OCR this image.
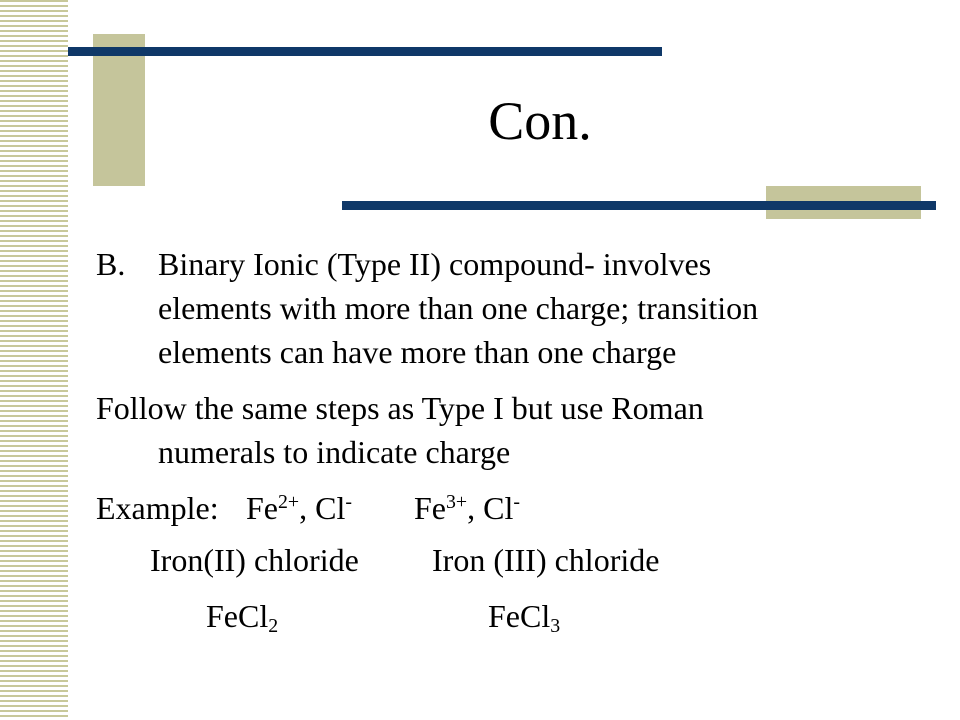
Con.
B. Binary Ionic (Type II) compound- involves
elements with more than one charge; transition
elements can have more than one charge
Follow the same steps as Type I but use Roman
numerals to indicate charge
Example: $Fe^{2+}$, Cl- $Fe^{3+}$, Cl-
Iron(II) chloride Iron (III) chloride
FeCl$_2$	FeCl$_3$
